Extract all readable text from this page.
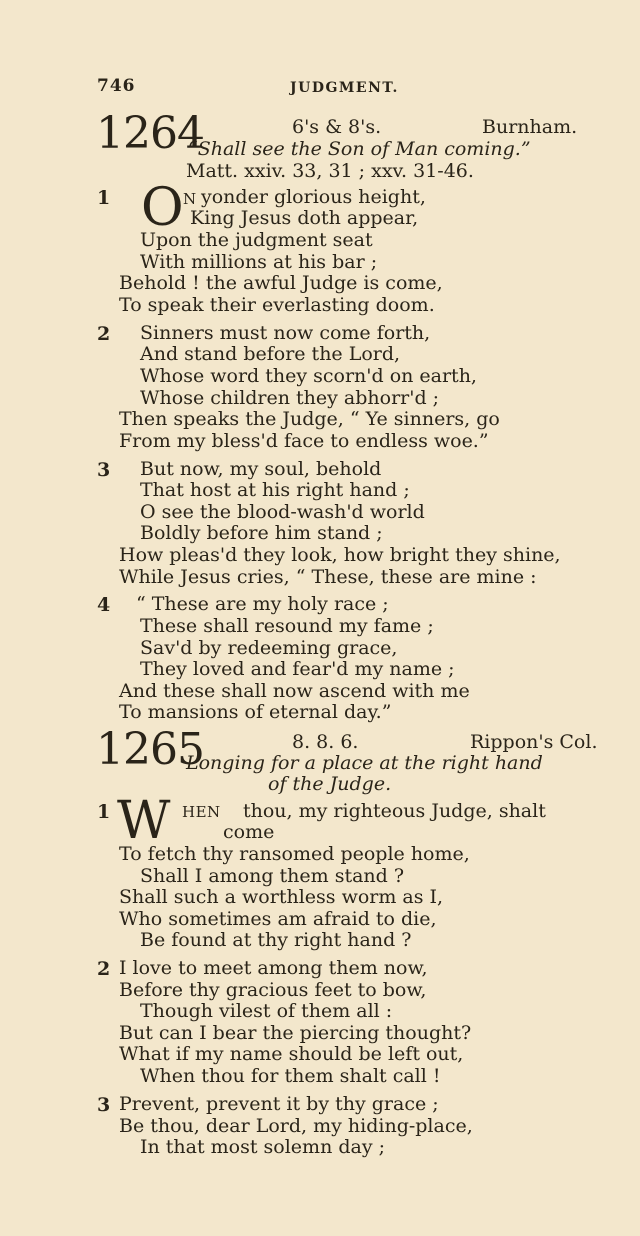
746	JUDGMENT.
1264	6's & 8's.	Burnham.
“Shall see the Son of Man coming.”
Matt. xxiv. 33, 31 ; xxv. 31-46.
1 O N yonder glorious height,
King Jesus doth appear,
Upon the judgment seat
With millions at his bar ;
Behold ! the awful Judge is come,
To speak their everlasting doom.
2 Sinners must now come forth,
And stand before the Lord,
Whose word they scorn'd on earth,
Whose children they abhorr'd ;
Then speaks the Judge, “ Ye sinners, go
From my bless'd face to endless woe.”
3 But now, my soul, behold
That host at his right hand ;
O see the blood-wash'd world
Boldly before him stand ;
How pleas'd they look, how bright they shine,
While Jesus cries, “ These, these are mine :
4 “ These are my holy race ;
These shall resound my fame ;
Sav'd by redeeming grace,
They loved and fear'd my name ;
And these shall now ascend with me
To mansions of eternal day.”
1265	8. 8. 6.	Rippon's Col.
Longing for a place at the right hand
of the Judge.
1 W HEN thou, my righteous Judge, shalt
come
To fetch thy ransomed people home,
Shall I among them stand ?
Shall such a worthless worm as I,
Who sometimes am afraid to die,
Be found at thy right hand ?
2 I love to meet among them now,
Before thy gracious feet to bow,
Though vilest of them all :
But can I bear the piercing thought?
What if my name should be left out,
When thou for them shalt call !
3 Prevent, prevent it by thy grace ;
Be thou, dear Lord, my hiding-place,
In that most solemn day ;
